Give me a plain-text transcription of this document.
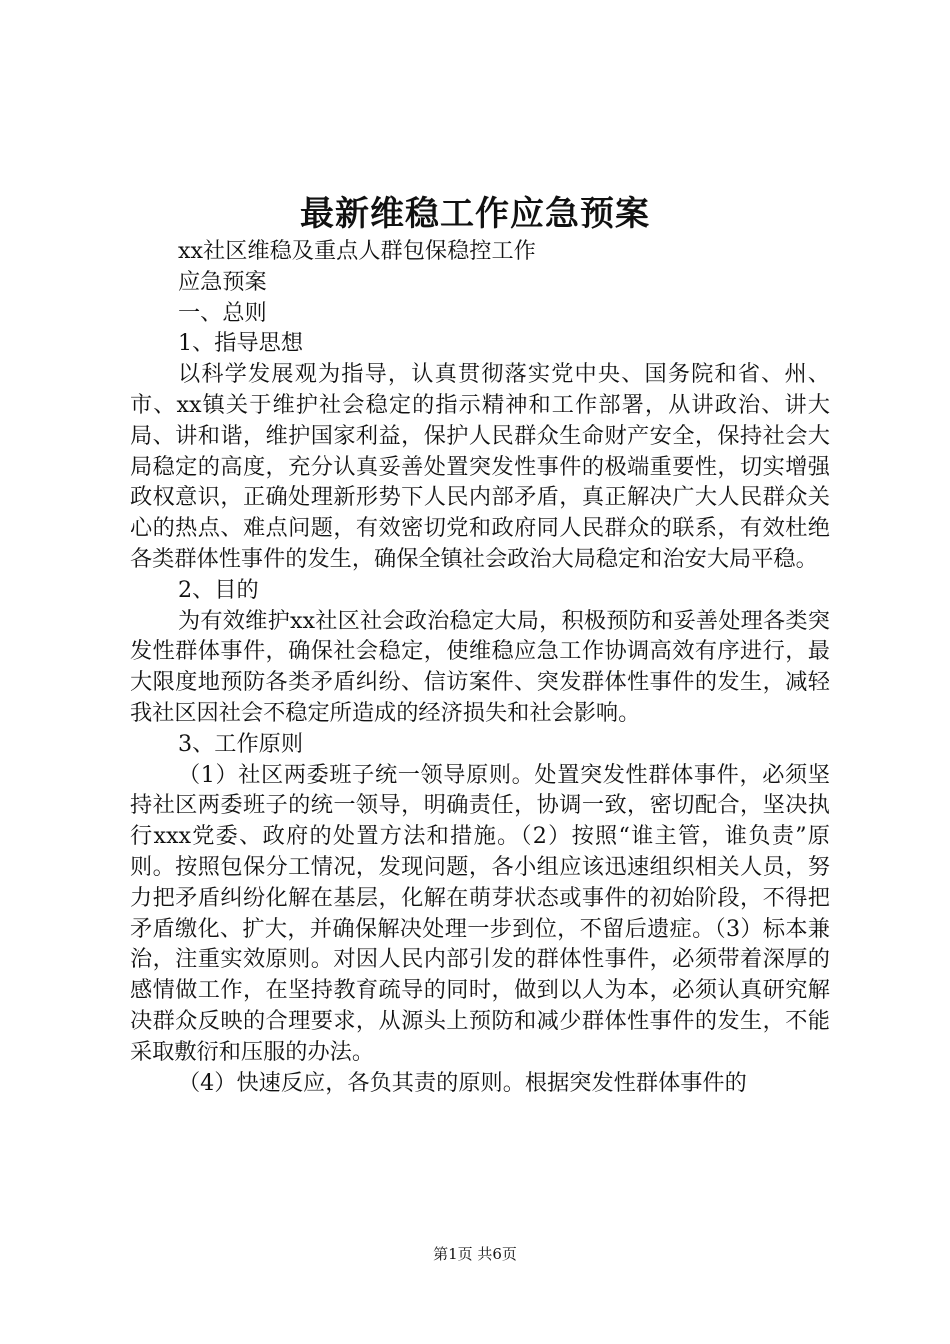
最新维稳工作应急预案

xx社区维稳及重点人群包保稳控工作

应急预案

一、总则

1、指导思想

以科学发展观为指导，认真贯彻落实党中央、国务院和省、州、市、xx镇关于维护社会稳定的指示精神和工作部署，从讲政治、讲大局、讲和谐，维护国家利益，保护人民群众生命财产安全，保持社会大局稳定的高度，充分认真妥善处置突发性事件的极端重要性，切实增强政权意识，正确处理新形势下人民内部矛盾，真正解决广大人民群众关心的热点、难点问题，有效密切党和政府同人民群众的联系，有效杜绝各类群体性事件的发生，确保全镇社会政治大局稳定和治安大局平稳。

2、目的

为有效维护xx社区社会政治稳定大局，积极预防和妥善处理各类突发性群体事件，确保社会稳定，使维稳应急工作协调高效有序进行，最大限度地预防各类矛盾纠纷、信访案件、突发群体性事件的发生，减轻我社区因社会不稳定所造成的经济损失和社会影响。

3、工作原则

（1）社区两委班子统一领导原则。处置突发性群体事件，必须坚持社区两委班子的统一领导，明确责任，协调一致，密切配合，坚决执行xxx党委、政府的处置方法和措施。（2）按照“谁主管，谁负责”原则。按照包保分工情况，发现问题，各小组应该迅速组织相关人员，努力把矛盾纠纷化解在基层，化解在萌芽状态或事件的初始阶段，不得把矛盾缴化、扩大，并确保解决处理一步到位，不留后遗症。（3）标本兼治，注重实效原则。对因人民内部引发的群体性事件，必须带着深厚的感情做工作，在坚持教育疏导的同时，做到以人为本，必须认真研究解决群众反映的合理要求，从源头上预防和减少群体性事件的发生，不能采取敷衍和压服的办法。

（4）快速反应，各负其责的原则。根据突发性群体事件的

第1页 共6页
